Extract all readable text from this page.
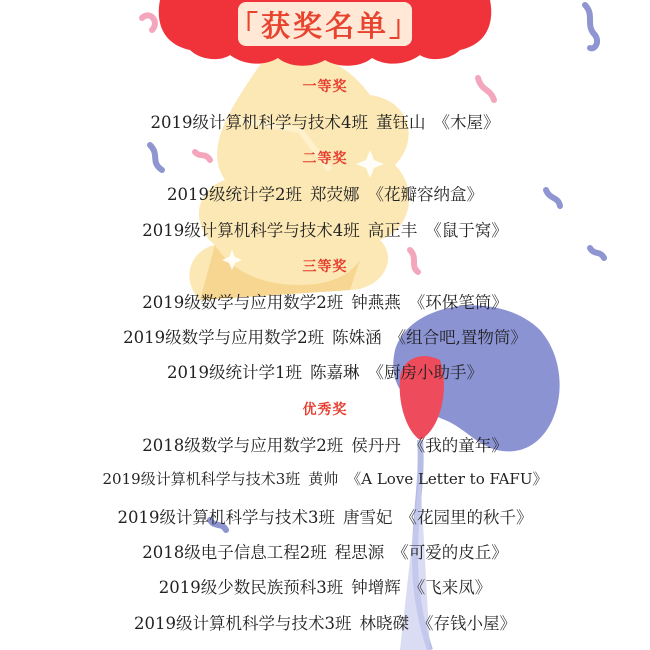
「获奖名单」
一等奖
2019级计算机科学与技术4班 董钰山 《木屋》
二等奖
2019级统计学2班 郑荧娜 《花瓣容纳盒》
2019级计算机科学与技术4班 高正丰 《鼠于窝》
三等奖
2019级数学与应用数学2班 钟燕燕 《环保笔筒》
2019级数学与应用数学2班 陈姝涵 《组合吧,置物筒》
2019级统计学1班 陈嘉琳 《厨房小助手》
优秀奖
2018级数学与应用数学2班 侯丹丹 《我的童年》
2019级计算机科学与技术3班 黄帅 《A Love Letter to FAFU》
2019级计算机科学与技术3班 唐雪妃 《花园里的秋千》
2018级电子信息工程2班 程思源 《可爱的皮丘》
2019级少数民族预科3班 钟增辉 《飞来凤》
2019级计算机科学与技术3班 林晓磔 《存钱小屋》
